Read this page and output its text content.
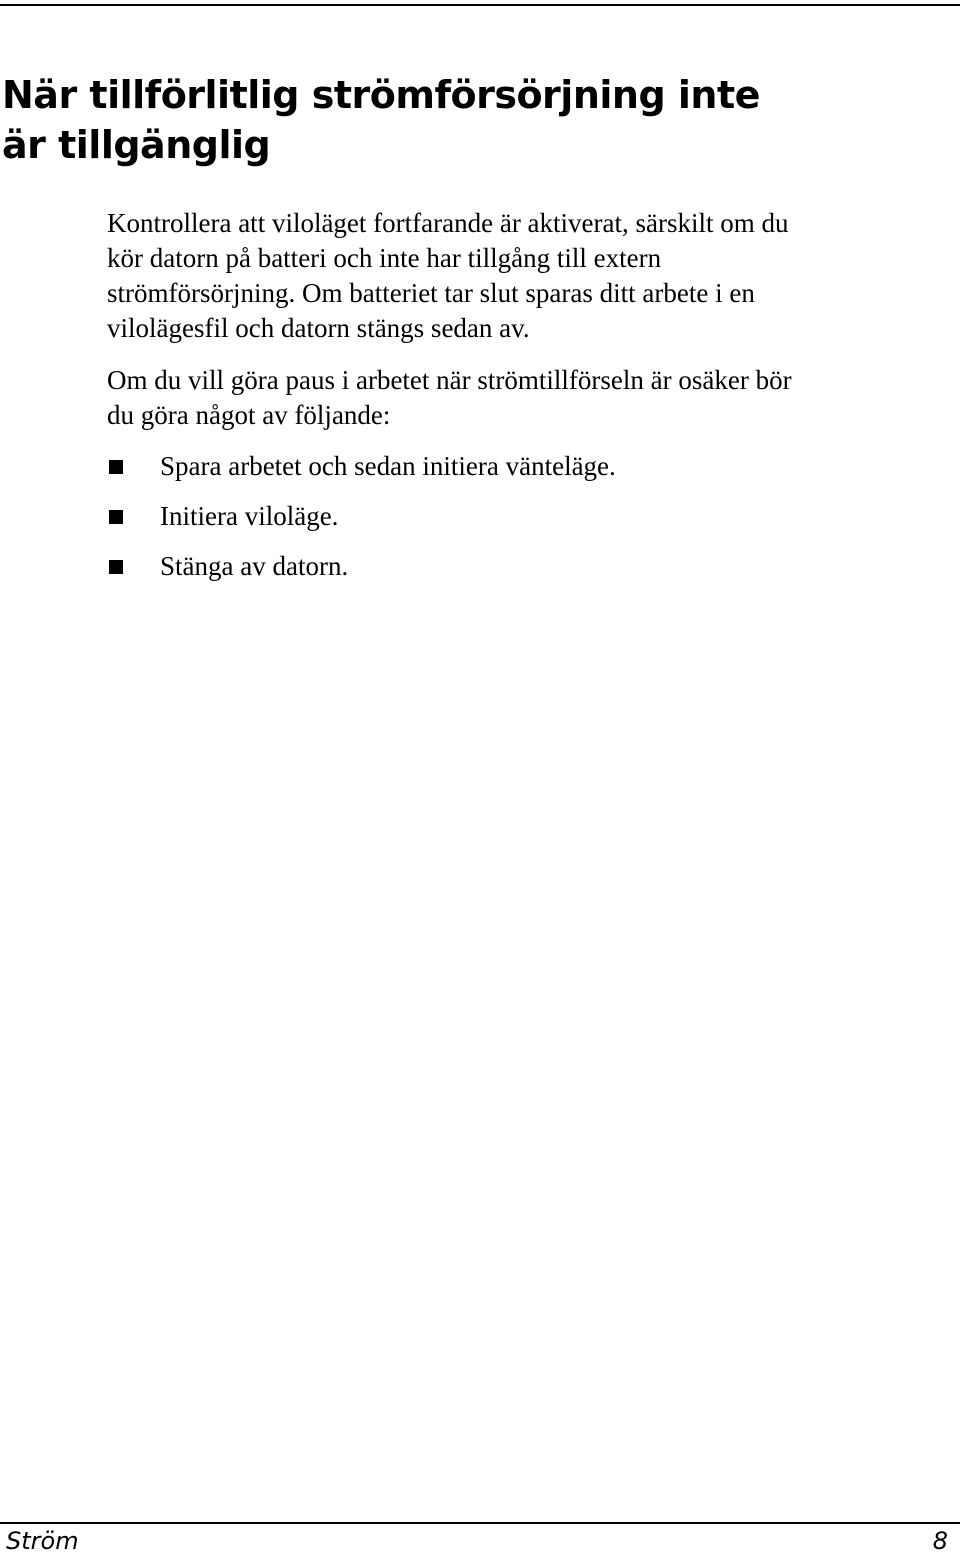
När tillförlitlig strömförsörjning inte
är tillgänglig

Kontrollera att viloläget fortfarande är aktiverat, särskilt om du
kör datorn på batteri och inte har tillgång till extern
strömförsörjning. Om batteriet tar slut sparas ditt arbete i en
vilolägesfil och datorn stängs sedan av.

Om du vill göra paus i arbetet när strömtillförseln är osäker bör
du göra något av följande:

Spara arbetet och sedan initiera vänteläge.
Initiera viloläge.
Stänga av datorn.
Ström	8
